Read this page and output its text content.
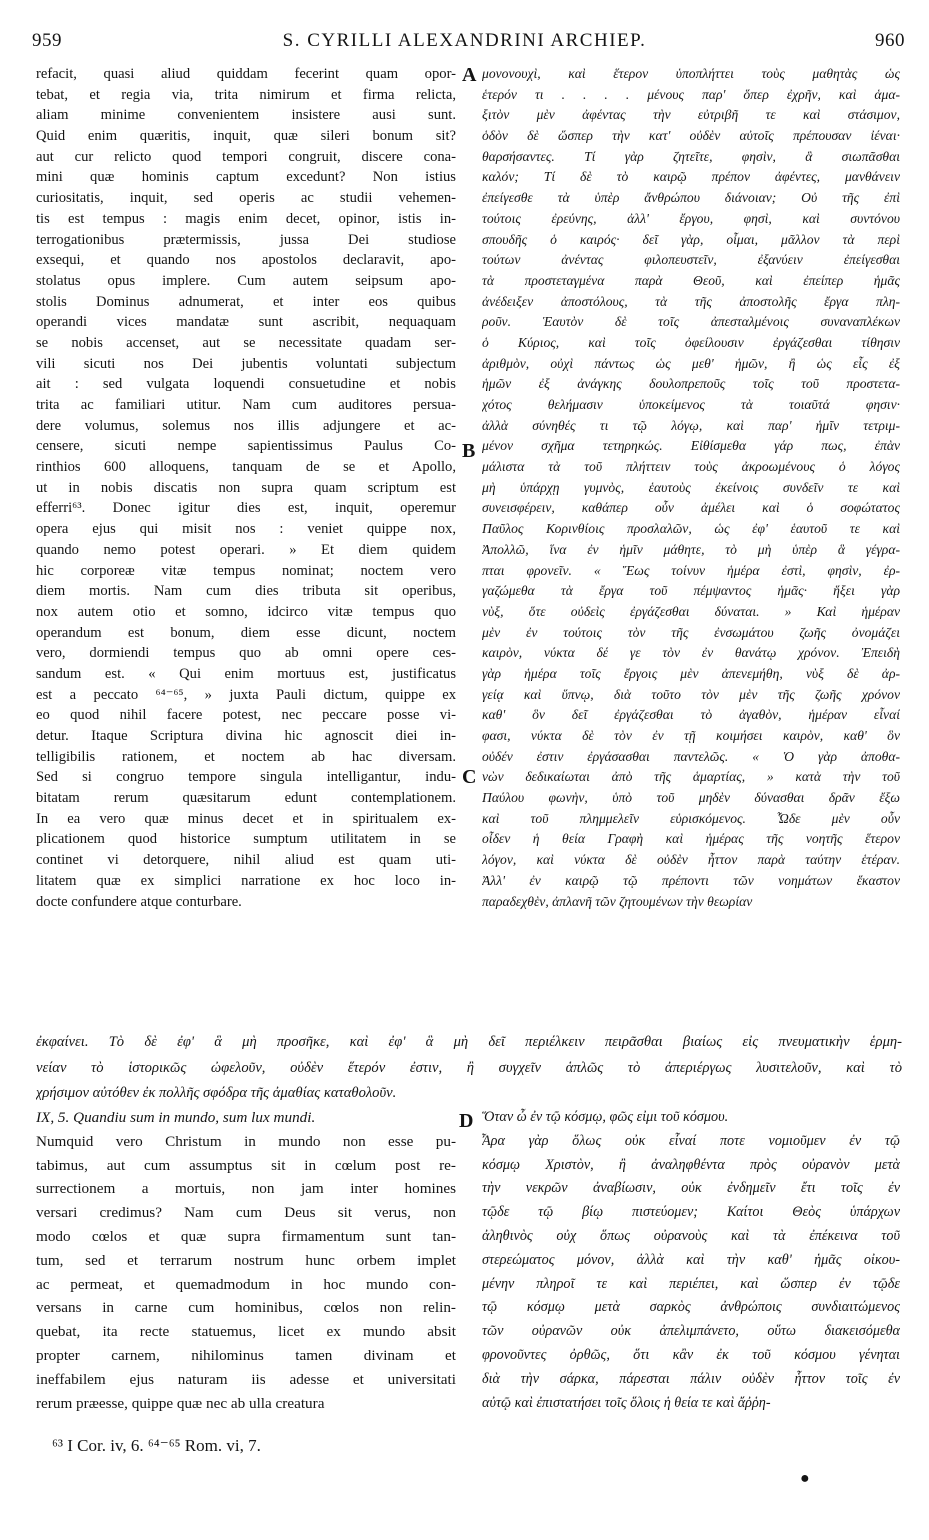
959	S. CYRILLI ALEXANDRINI ARCHIEP.	960
A
B
C
D
refacit, quasi aliud quiddam fecerint quam opor-
tebat, et regia via, trita nimirum et firma relicta,
aliam minime convenientem insistere ausi sunt.
Quid enim quæritis, inquit, quæ sileri bonum sit?
aut cur relicto quod tempori congruit, discere cona-
mini quæ hominis captum excedunt? Non istius
curiositatis, inquit, sed operis ac studii vehemen-
tis est tempus : magis enim decet, opinor, istis in-
terrogationibus prætermissis, jussa Dei studiose
exsequi, et quando nos apostolos declaravit, apo-
stolatus opus implere. Cum autem seipsum apo-
stolis Dominus adnumerat, et inter eos quibus
operandi vices mandatæ sunt ascribit, nequaquam
se nobis accenset, aut se necessitate quadam ser-
vili sicuti nos Dei jubentis voluntati subjectum
ait : sed vulgata loquendi consuetudine et nobis
trita ac familiari utitur. Nam cum auditores persua-
dere volumus, solemus nos illis adjungere et ac-
censere, sicuti nempe sapientissimus Paulus Co-
rinthios 600 alloquens, tanquam de se et Apollo,
ut in nobis discatis non supra quam scriptum est
efferri⁶³. Donec igitur dies est, inquit, operemur
opera ejus qui misit nos : veniet quippe nox,
quando nemo potest operari. » Et diem quidem
hic corporeæ vitæ tempus nominat; noctem vero
diem mortis. Nam cum dies tributa sit operibus,
nox autem otio et somno, idcirco vitæ tempus quo
operandum est bonum, diem esse dicunt, noctem
vero, dormiendi tempus quo ab omni opere ces-
sandum est. « Qui enim mortuus est, justificatus
est a peccato ⁶⁴⁻⁶⁵, » juxta Pauli dictum, quippe ex
eo quod nihil facere potest, nec peccare posse vi-
detur. Itaque Scriptura divina hic agnoscit diei in-
telligibilis rationem, et noctem ab hac diversam.
Sed si congruo tempore singula intelligantur, indu-
bitatam rerum quæsitarum edunt contemplationem.
In ea vero quæ minus decet et in spiritualem ex-
plicationem quod historice sumptum utilitatem in se
continet vi detorquere, nihil aliud est quam uti-
litatem quæ ex simplici narratione ex hoc loco in-
docte confundere atque conturbare.
μονονουχὶ, καὶ ἕτερον ὑποπλήττει τοὺς μαθητὰς ὡς
ἑτερόν τι . . . . μένους παρ' ὅπερ ἐχρῆν, καὶ ἁμα-
ξιτὸν μὲν ἀφέντας τὴν εὐτριβῆ τε καὶ στάσιμον,
ὁδὸν δὲ ὥσπερ τὴν κατ' οὐδὲν αὐτοῖς πρέπουσαν ἰέναι·
θαρσήσαντες. Τί γὰρ ζητεῖτε, φησὶν, ἃ σιωπᾶσθαι
καλόν; Τί δὲ τὸ καιρῷ πρέπον ἀφέντες, μανθάνειν
ἐπείγεσθε τὰ ὑπὲρ ἄνθρώπου διάνοιαν; Οὐ τῆς ἐπὶ
τούτοις ἐρεύνης, ἀλλ' ἔργου, φησὶ, καὶ συντόνου
σπουδῆς ὁ καιρός· δεῖ γὰρ, οἶμαι, μᾶλλον τὰ περὶ
τούτων ἀνέντας φιλοπευστεῖν, ἐξανύειν ἐπείγεσθαι
τὰ προστεταγμένα παρὰ Θεοῦ, καὶ ἐπείπερ ἡμᾶς
ἀνέδειξεν ἀποστόλους, τὰ τῆς ἀποστολῆς ἔργα πλη-
ροῦν. Ἑαυτὸν δὲ τοῖς ἀπεσταλμένοις συναναπλέκων
ὁ Κύριος, καὶ τοῖς ὀφείλουσιν ἐργάζεσθαι τίθησιν
ἀριθμὸν, οὐχὶ πάντως ὡς μεθ' ἡμῶν, ἢ ὡς εἷς ἐξ
ἡμῶν ἐξ ἀνάγκης δουλοπρεποῦς τοῖς τοῦ προστετα-
χότος θελήμασιν ὑποκείμενος τὰ τοιαῦτά φησιν·
ἀλλὰ σύνηθές τι τῷ λόγῳ, καὶ παρ' ἡμῖν τετριμ-
μένον σχῆμα τετηρηκώς. Εἰθίσμεθα γάρ πως, ἐπὰν
μάλιστα τὰ τοῦ πλήττειν τοὺς ἀκροωμένους ὁ λόγος
μὴ ὑπάρχῃ γυμνὸς, ἑαυτοὺς ἐκείνοις συνδεῖν τε καὶ
συνεισφέρειν, καθάπερ οὖν ἀμέλει καὶ ὁ σοφώτατος
Παῦλος Κορινθίοις προσλαλῶν, ὡς ἐφ' ἑαυτοῦ τε καὶ
Ἀπολλῶ, ἵνα ἐν ἡμῖν μάθητε, τὸ μὴ ὑπὲρ ἃ γέγρα-
πται φρονεῖν. « Ἕως τοίνυν ἡμέρα ἐστὶ, φησὶν, ἐρ-
γαζώμεθα τὰ ἔργα τοῦ πέμψαντος ἡμᾶς· ἥξει γὰρ
νὺξ, ὅτε οὐδεὶς ἐργάζεσθαι δύναται. » Καὶ ἡμέραν
μὲν ἐν τούτοις τὸν τῆς ἐνσωμάτου ζωῆς ὀνομάζει
καιρὸν, νύκτα δέ γε τὸν ἐν θανάτῳ χρόνον. Ἐπειδὴ
γὰρ ἡμέρα τοῖς ἔργοις μὲν ἀπενεμήθη, νὺξ δὲ ἀρ-
γείᾳ καὶ ὕπνῳ, διὰ τοῦτο τὸν μὲν τῆς ζωῆς χρόνον
καθ' ὃν δεῖ ἐργάζεσθαι τὸ ἀγαθὸν, ἡμέραν εἶναί
φασι, νύκτα δὲ τὸν ἐν τῇ κοιμήσει καιρὸν, καθ' ὃν
οὐδέν ἐστιν ἐργάσασθαι παντελῶς. « Ὁ γὰρ ἀποθα-
νὼν δεδικαίωται ἀπὸ τῆς ἁμαρτίας, » κατὰ τὴν τοῦ
Παύλου φωνὴν, ὑπὸ τοῦ μηδὲν δύνασθαι δρᾶν ἔξω
καὶ τοῦ πλημμελεῖν εὑρισκόμενος. Ὧδε μὲν οὖν
οἶδεν ἡ θεία Γραφὴ καὶ ἡμέρας τῆς νοητῆς ἕτερον
λόγον, καὶ νύκτα δὲ οὐδὲν ἧττον παρὰ ταύτην ἑτέραν.
Ἀλλ' ἐν καιρῷ τῷ πρέποντι τῶν νοημάτων ἕκαστον
παραδεχθὲν, ἀπλανῆ τῶν ζητουμένων τὴν θεωρίαν
ἐκφαίνει. Τὸ δὲ ἐφ' ἃ μὴ προσῆκε, καὶ ἐφ' ἃ μὴ δεῖ περιέλκειν πειρᾶσθαι βιαίως εἰς πνευματικὴν ἑρμη-
νείαν τὸ ἱστορικῶς ὠφελοῦν, οὐδὲν ἕτερόν ἐστιν, ἢ συγχεῖν ἁπλῶς τὸ ἀπεριέργως λυσιτελοῦν, καὶ τὸ
χρήσιμον αὐτόθεν ἐκ πολλῆς σφόδρα τῆς ἀμαθίας καταθολοῦν.
IX, 5. Quandiu sum in mundo, sum lux mundi.
Numquid vero Christum in mundo non esse pu-
tabimus, aut cum assumptus sit in cœlum post re-
surrectionem a mortuis, non jam inter homines
versari credimus? Nam cum Deus sit verus, non
modo cœlos et quæ supra firmamentum sunt tan-
tum, sed et terrarum nostrum hunc orbem implet
ac permeat, et quemadmodum in hoc mundo con-
versans in carne cum hominibus, cœlos non relin-
quebat, ita recte statuemus, licet ex mundo absit
propter carnem, nihilominus tamen divinam et
ineffabilem ejus naturam iis adesse et universitati
rerum præesse, quippe quæ nec ab ulla creatura
Ὅταν ὦ ἐν τῷ κόσμῳ, φῶς εἰμι τοῦ κόσμου.
Ἆρα γὰρ ὅλως οὐκ εἶναί ποτε νομιοῦμεν ἐν τῷ
κόσμῳ Χριστὸν, ἢ ἀναληφθέντα πρὸς οὐρανὸν μετὰ
τὴν νεκρῶν ἀναβίωσιν, οὐκ ἐνδημεῖν ἔτι τοῖς ἐν
τῷδε τῷ βίῳ πιστεύομεν; Καίτοι Θεὸς ὑπάρχων
ἀληθινὸς οὐχ ὅπως οὐρανοὺς καὶ τὰ ἐπέκεινα τοῦ
στερεώματος μόνον, ἀλλὰ καὶ τὴν καθ' ἡμᾶς οἰκου-
μένην πληροῖ τε καὶ περιέπει, καὶ ὥσπερ ἐν τῷδε
τῷ κόσμῳ μετὰ σαρκὸς ἀνθρώποις συνδιαιτώμενος
τῶν οὐρανῶν οὐκ ἀπελιμπάνετο, οὕτω διακεισόμεθα
φρονοῦντες ὀρθῶς, ὅτι κἂν ἐκ τοῦ κόσμου γένηται
διὰ τὴν σάρκα, πάρεσται πάλιν οὐδὲν ἧττον τοῖς ἐν
αὐτῷ καὶ ἐπιστατήσει τοῖς ὅλοις ἡ θεία τε καὶ ἄῤῥη-
⁶³ I Cor. iv, 6. ⁶⁴⁻⁶⁵ Rom. vi, 7.
●
